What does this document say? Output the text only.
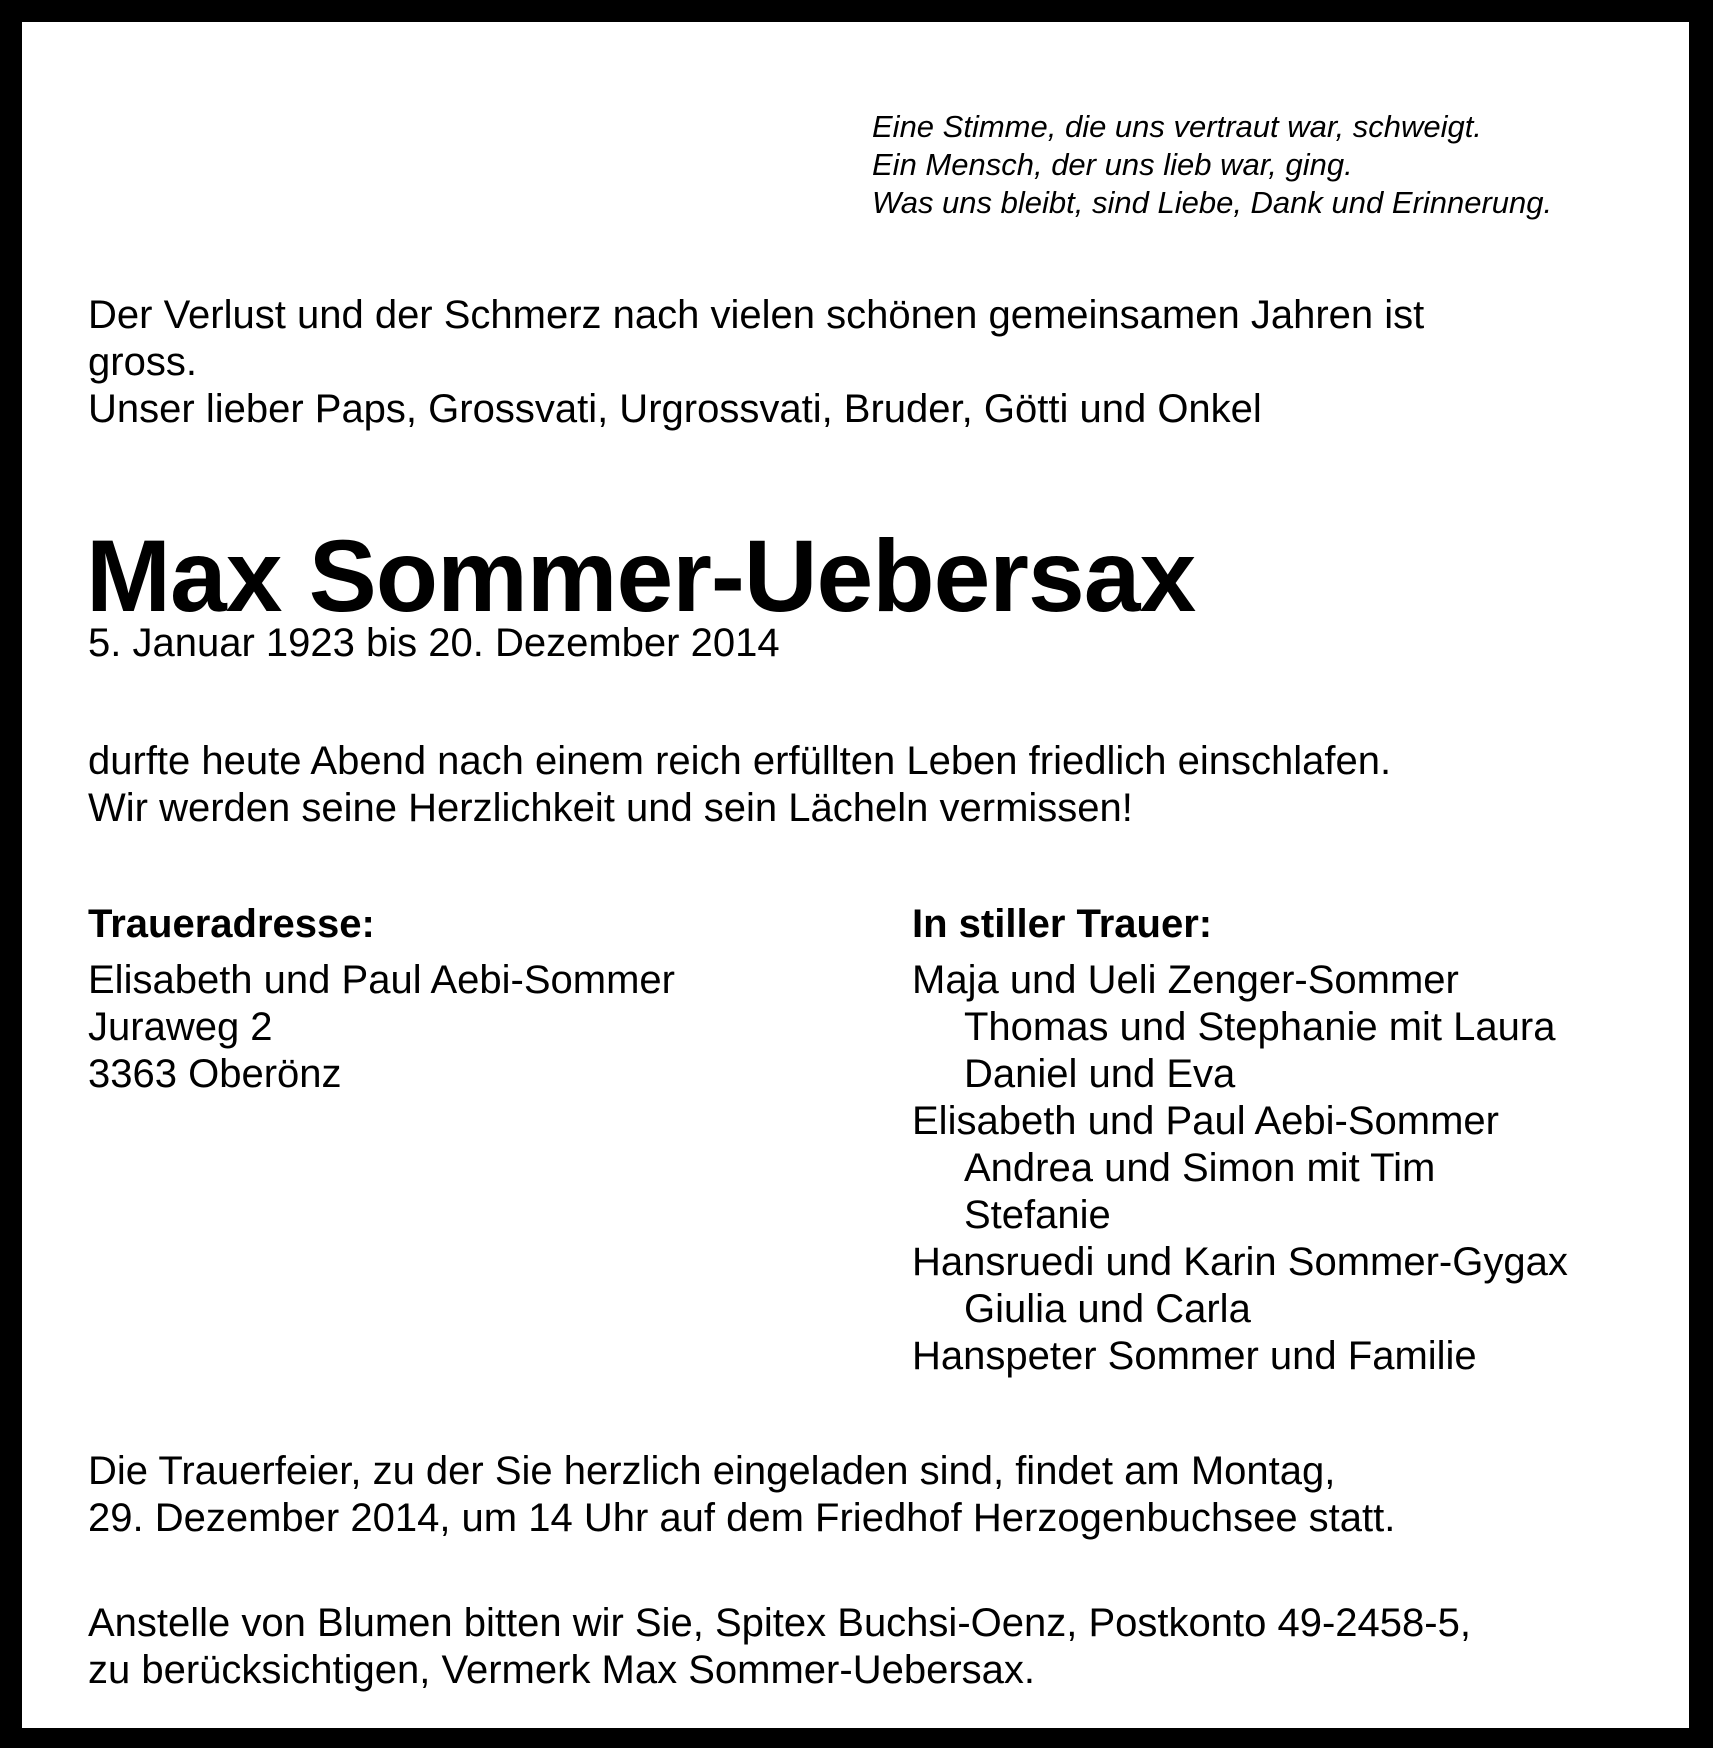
Eine Stimme, die uns vertraut war, schweigt.
Ein Mensch, der uns lieb war, ging.
Was uns bleibt, sind Liebe, Dank und Erinnerung.
Der Verlust und der Schmerz nach vielen schönen gemeinsamen Jahren ist
gross.
Unser lieber Paps, Grossvati, Urgrossvati, Bruder, Götti und Onkel
Max Sommer-Uebersax
5. Januar 1923 bis 20. Dezember 2014
durfte heute Abend nach einem reich erfüllten Leben friedlich einschlafen.
Wir werden seine Herzlichkeit und sein Lächeln vermissen!
Traueradresse:
Elisabeth und Paul Aebi-Sommer
Juraweg 2
3363 Oberönz
In stiller Trauer:
Maja und Ueli Zenger-Sommer
Thomas und Stephanie mit Laura
Daniel und Eva
Elisabeth und Paul Aebi-Sommer
Andrea und Simon mit Tim
Stefanie
Hansruedi und Karin Sommer-Gygax
Giulia und Carla
Hanspeter Sommer und Familie
Die Trauerfeier, zu der Sie herzlich eingeladen sind, findet am Montag,
29. Dezember 2014, um 14 Uhr auf dem Friedhof Herzogenbuchsee statt.
Anstelle von Blumen bitten wir Sie, Spitex Buchsi-Oenz, Postkonto 49-2458-5,
zu berücksichtigen, Vermerk Max Sommer-Uebersax.
